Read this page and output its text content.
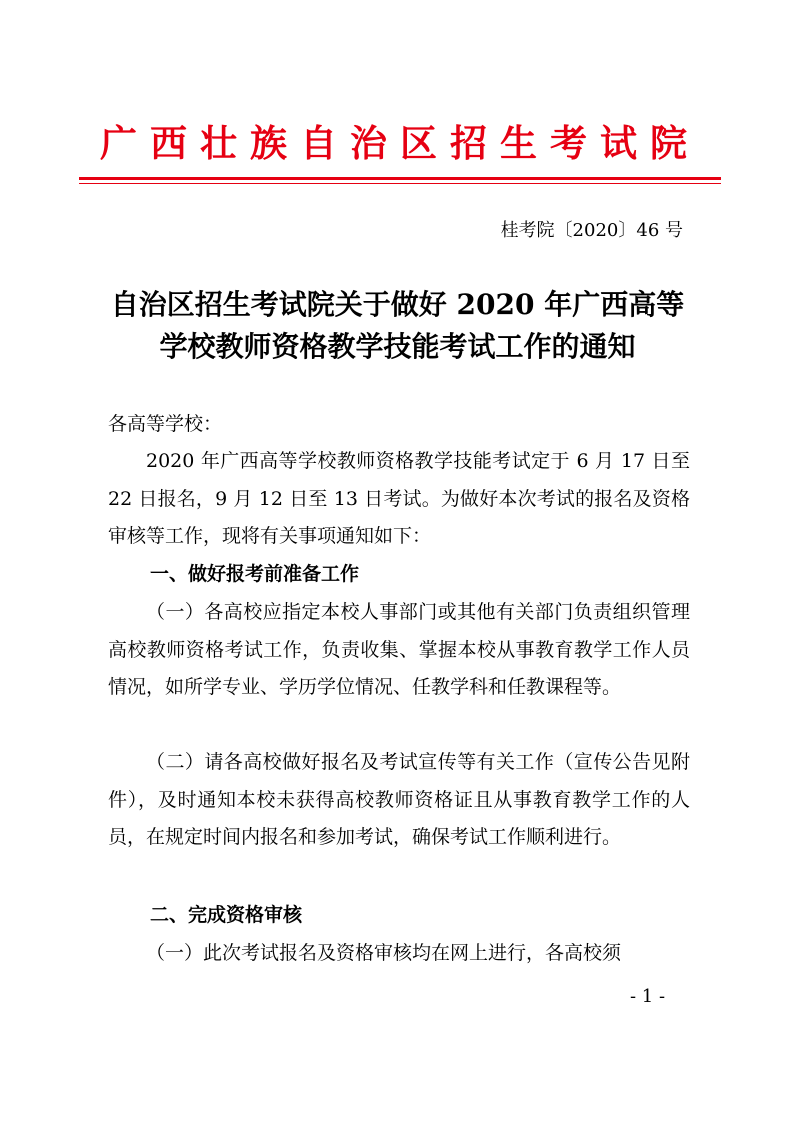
广西壮族自治区招生考试院
桂考院〔2020〕46 号
自治区招生考试院关于做好 2020 年广西高等
学校教师资格教学技能考试工作的通知
各高等学校：
2020 年广西高等学校教师资格教学技能考试定于 6 月 17 日至 22 日报名，9 月 12 日至 13 日考试。为做好本次考试的报名及资格审核等工作，现将有关事项通知如下：
一、做好报考前准备工作
（一）各高校应指定本校人事部门或其他有关部门负责组织管理高校教师资格考试工作，负责收集、掌握本校从事教育教学工作人员情况，如所学专业、学历学位情况、任教学科和任教课程等。
（二）请各高校做好报名及考试宣传等有关工作（宣传公告见附件），及时通知本校未获得高校教师资格证且从事教育教学工作的人员，在规定时间内报名和参加考试，确保考试工作顺利进行。
二、完成资格审核
（一）此次考试报名及资格审核均在网上进行，各高校须
- 1 -
